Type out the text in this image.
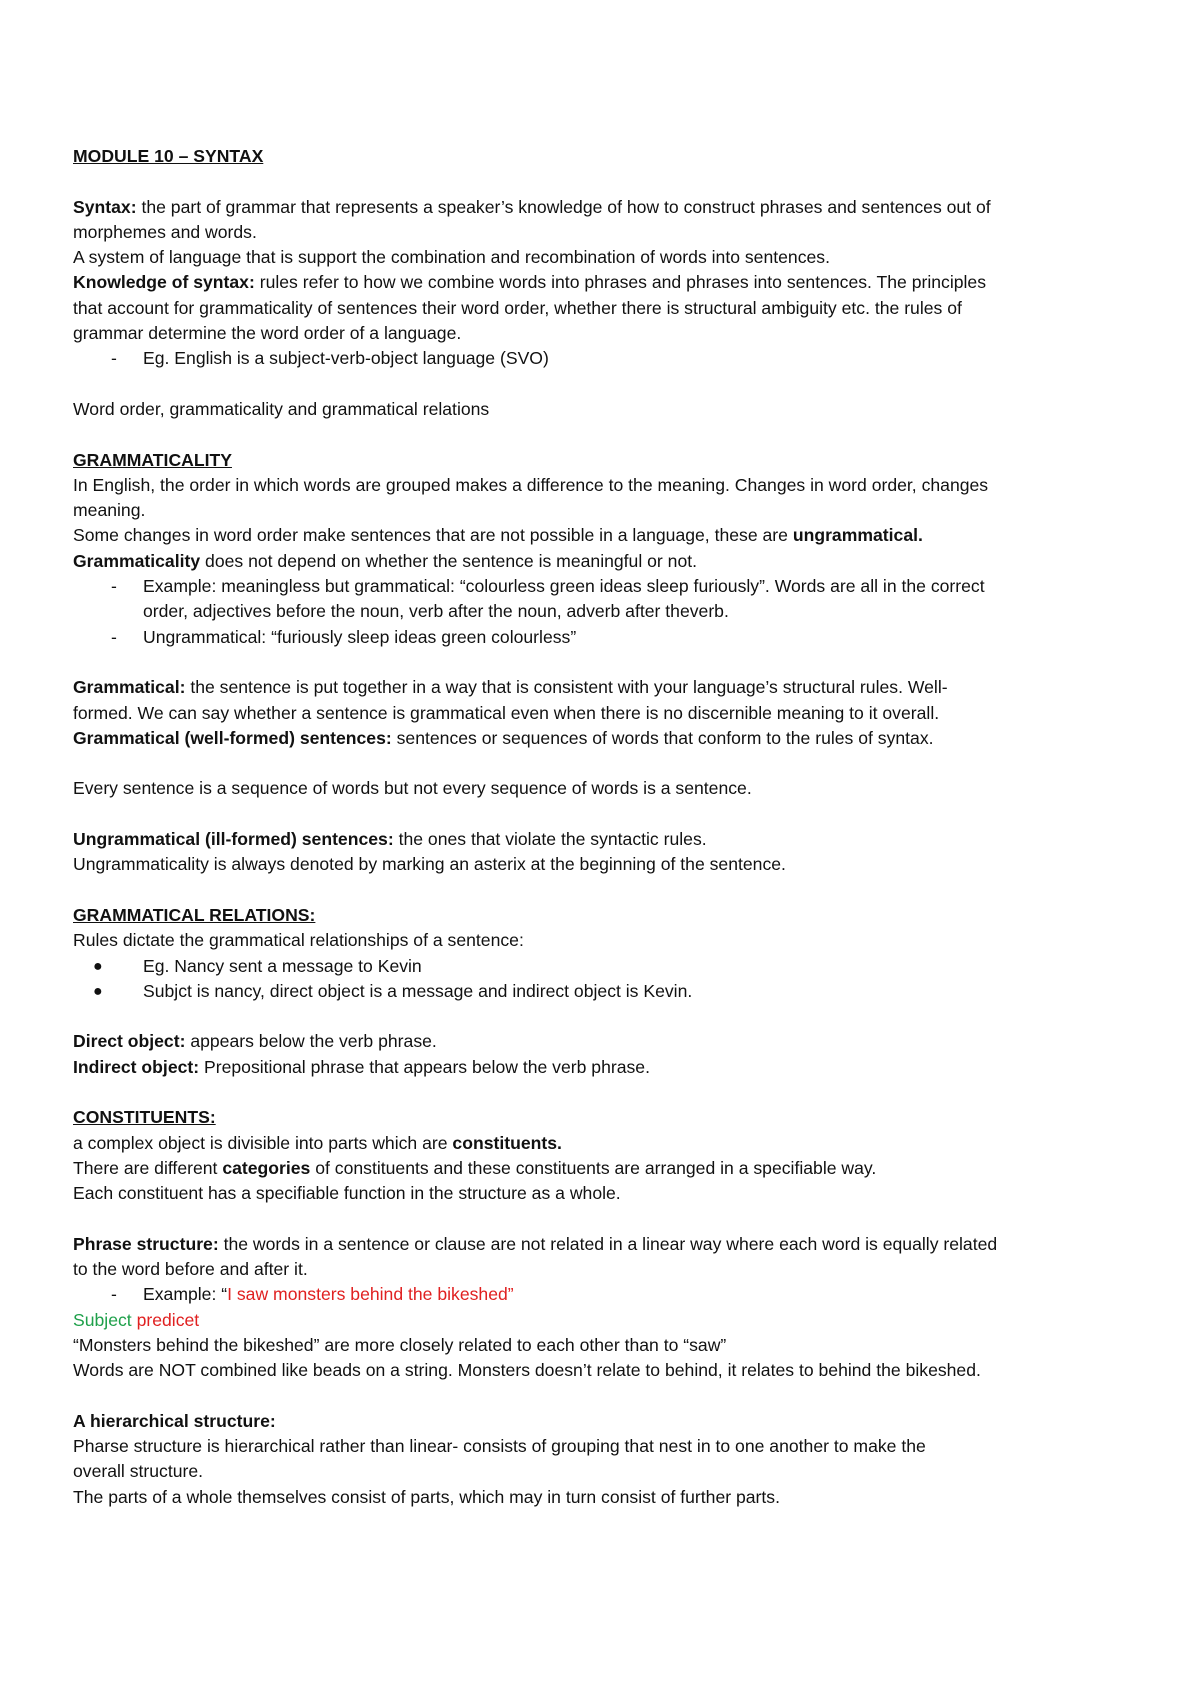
MODULE 10 – SYNTAX

Syntax: the part of grammar that represents a speaker’s knowledge of how to construct phrases and sentences out of

morphemes and words.

A system of language that is support the combination and recombination of words into sentences.

Knowledge of syntax: rules refer to how we combine words into phrases and phrases into sentences. The principles

that account for grammaticality of sentences their word order, whether there is structural ambiguity etc. the rules of

grammar determine the word order of a language.

- Eg. English is a subject-verb-object language (SVO)

Word order, grammaticality and grammatical relations

GRAMMATICALITY

In English, the order in which words are grouped makes a difference to the meaning. Changes in word order, changes

meaning.

Some changes in word order make sentences that are not possible in a language, these are ungrammatical.

Grammaticality does not depend on whether the sentence is meaningful or not.

- Example: meaningless but grammatical: “colourless green ideas sleep furiously”. Words are all in the correct

order, adjectives before the noun, verb after the noun, adverb after theverb.

- Ungrammatical: “furiously sleep ideas green colourless”

Grammatical: the sentence is put together in a way that is consistent with your language’s structural rules. Well-

formed. We can say whether a sentence is grammatical even when there is no discernible meaning to it overall.

Grammatical (well-formed) sentences: sentences or sequences of words that conform to the rules of syntax.

Every sentence is a sequence of words but not every sequence of words is a sentence.

Ungrammatical (ill-formed) sentences: the ones that violate the syntactic rules.

Ungrammaticality is always denoted by marking an asterix at the beginning of the sentence.

GRAMMATICAL RELATIONS:

Rules dictate the grammatical relationships of a sentence:

● Eg. Nancy sent a message to Kevin

● Subjct is nancy, direct object is a message and indirect object is Kevin.

Direct object: appears below the verb phrase.

Indirect object: Prepositional phrase that appears below the verb phrase.

CONSTITUENTS:

a complex object is divisible into parts which are constituents.

There are different categories of constituents and these constituents are arranged in a specifiable way.

Each constituent has a specifiable function in the structure as a whole.

Phrase structure: the words in a sentence or clause are not related in a linear way where each word is equally related

to the word before and after it.

- Example: “I saw monsters behind the bikeshed”

Subject predicet

“Monsters behind the bikeshed” are more closely related to each other than to “saw”

Words are NOT combined like beads on a string. Monsters doesn’t relate to behind, it relates to behind the bikeshed.

A hierarchical structure:

Pharse structure is hierarchical rather than linear- consists of grouping that nest in to one another to make the

overall structure.

The parts of a whole themselves consist of parts, which may in turn consist of further parts.
